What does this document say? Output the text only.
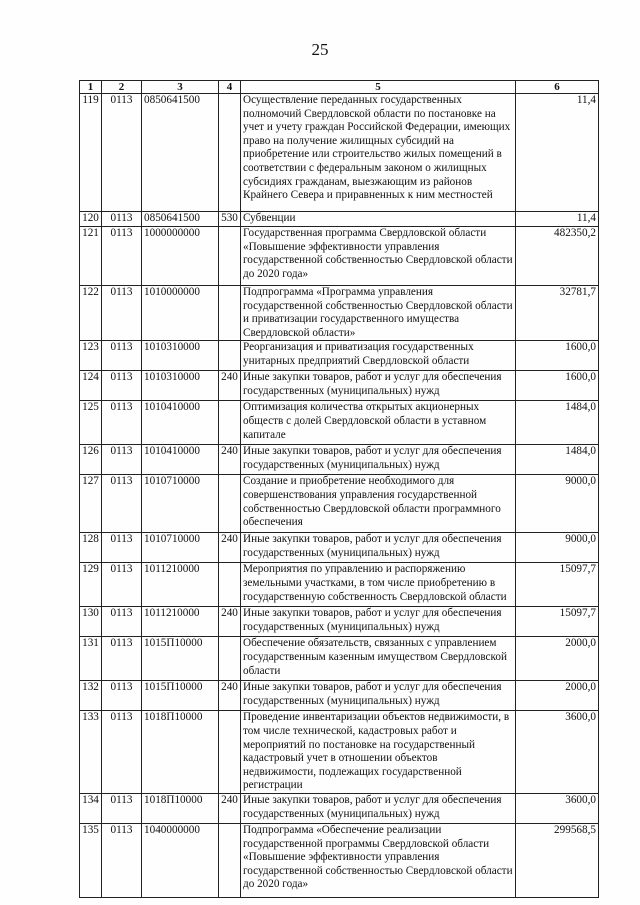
25
1	2	3	4	5	6
119	0113	0850641500		Осуществление переданных государственных полномочий Свердловской области по постановке на учет и учету граждан Российской Федерации, имеющих право на получение жилищных субсидий на приобретение или строительство жилых помещений в соответствии с федеральным законом о жилищных субсидиях гражданам, выезжающим из районов Крайнего Севера и приравненных к ним местностей	11,4
120	0113	0850641500	530	Субвенции	11,4
121	0113	1000000000		Государственная программа Свердловской области «Повышение эффективности управления государственной собственностью Свердловской области до 2020 года»	482350,2
122	0113	1010000000		Подпрограмма «Программа управления государственной собственностью Свердловской области и приватизации государственного имущества Свердловской области»	32781,7
123	0113	1010310000		Реорганизация и приватизация государственных унитарных предприятий Свердловской области	1600,0
124	0113	1010310000	240	Иные закупки товаров, работ и услуг для обеспечения государственных (муниципальных) нужд	1600,0
125	0113	1010410000		Оптимизация количества открытых акционерных обществ с долей Свердловской области в уставном капитале	1484,0
126	0113	1010410000	240	Иные закупки товаров, работ и услуг для обеспечения государственных (муниципальных) нужд	1484,0
127	0113	1010710000		Создание и приобретение необходимого для совершенствования управления государственной собственностью Свердловской области программного обеспечения	9000,0
128	0113	1010710000	240	Иные закупки товаров, работ и услуг для обеспечения государственных (муниципальных) нужд	9000,0
129	0113	1011210000		Мероприятия по управлению и распоряжению земельными участками, в том числе приобретению в государственную собственность Свердловской области	15097,7
130	0113	1011210000	240	Иные закупки товаров, работ и услуг для обеспечения государственных (муниципальных) нужд	15097,7
131	0113	1015П10000		Обеспечение обязательств, связанных с управлением государственным казенным имуществом Свердловской области	2000,0
132	0113	1015П10000	240	Иные закупки товаров, работ и услуг для обеспечения государственных (муниципальных) нужд	2000,0
133	0113	1018П10000		Проведение инвентаризации объектов недвижимости, в том числе технической, кадастровых работ и мероприятий по постановке на государственный кадастровый учет в отношении объектов недвижимости, подлежащих государственной регистрации	3600,0
134	0113	1018П10000	240	Иные закупки товаров, работ и услуг для обеспечения государственных (муниципальных) нужд	3600,0
135	0113	1040000000		Подпрограмма «Обеспечение реализации государственной программы Свердловской области «Повышение эффективности управления государственной собственностью Свердловской области до 2020 года»	299568,5
